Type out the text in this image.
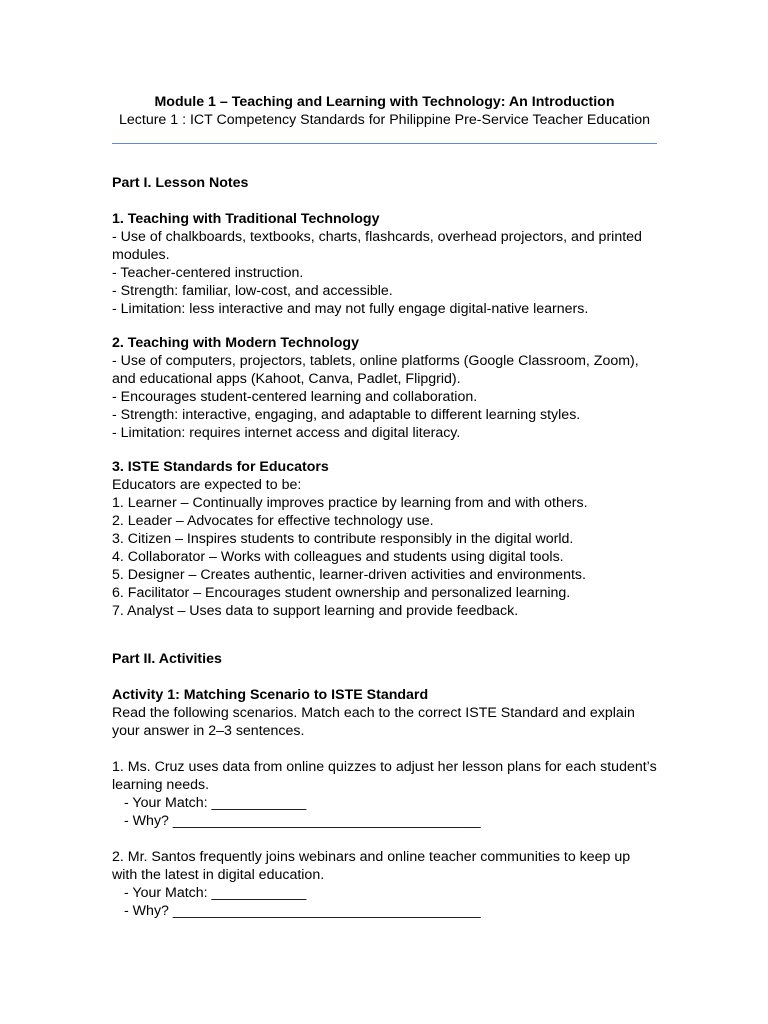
Module 1 – Teaching and Learning with Technology: An Introduction
Lecture 1 : ICT Competency Standards for Philippine Pre-Service Teacher Education
Part I. Lesson Notes
1. Teaching with Traditional Technology
- Use of chalkboards, textbooks, charts, flashcards, overhead projectors, and printed modules.
- Teacher-centered instruction.
- Strength: familiar, low-cost, and accessible.
- Limitation: less interactive and may not fully engage digital-native learners.
2. Teaching with Modern Technology
- Use of computers, projectors, tablets, online platforms (Google Classroom, Zoom), and educational apps (Kahoot, Canva, Padlet, Flipgrid).
- Encourages student-centered learning and collaboration.
- Strength: interactive, engaging, and adaptable to different learning styles.
- Limitation: requires internet access and digital literacy.
3. ISTE Standards for Educators
Educators are expected to be:
1. Learner – Continually improves practice by learning from and with others.
2. Leader – Advocates for effective technology use.
3. Citizen – Inspires students to contribute responsibly in the digital world.
4. Collaborator – Works with colleagues and students using digital tools.
5. Designer – Creates authentic, learner-driven activities and environments.
6. Facilitator – Encourages student ownership and personalized learning.
7. Analyst – Uses data to support learning and provide feedback.
Part II. Activities
Activity 1: Matching Scenario to ISTE Standard
Read the following scenarios. Match each to the correct ISTE Standard and explain your answer in 2–3 sentences.
1. Ms. Cruz uses data from online quizzes to adjust her lesson plans for each student’s learning needs.
- Your Match: ____________
- Why? _______________________________________
2. Mr. Santos frequently joins webinars and online teacher communities to keep up with the latest in digital education.
- Your Match: ____________
- Why? _______________________________________
